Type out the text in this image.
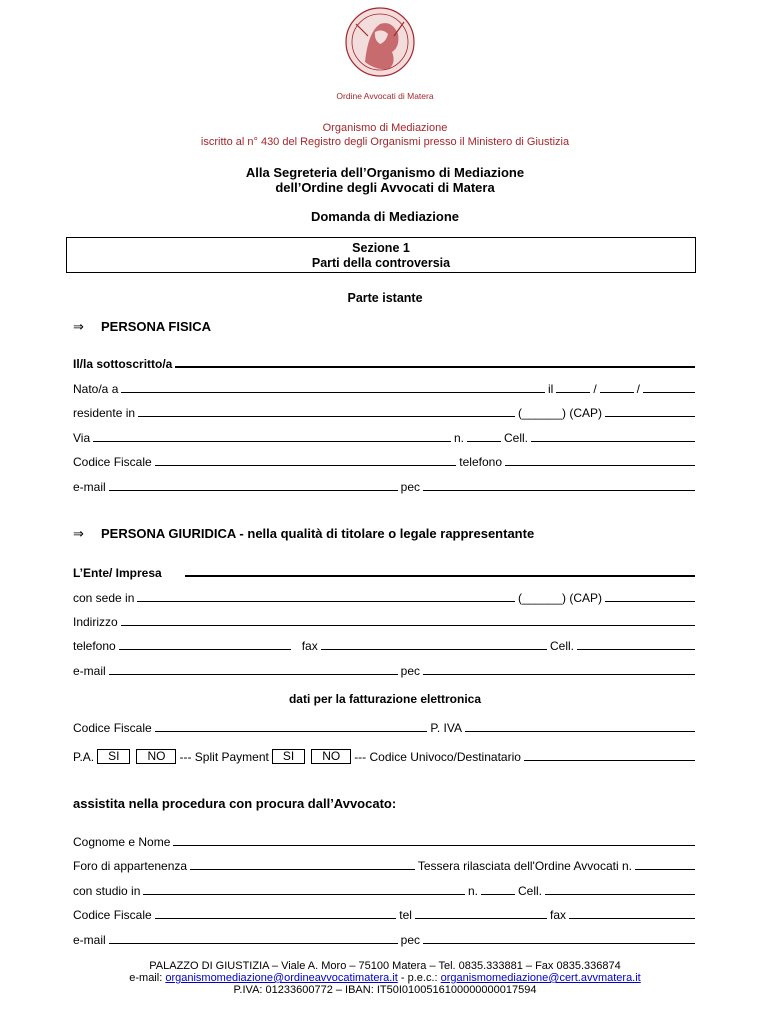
Ordine Avvocati di Matera
Organismo di Mediazione
iscritto al n° 430 del Registro degli Organismi presso il Ministero di Giustizia
Alla Segreteria dell’Organismo di Mediazione
dell’Ordine degli Avvocati di Matera
Domanda di Mediazione
Sezione 1
Parti della controversia
Parte istante
⇒ PERSONA FISICA
Il/la sottoscritto/a
Nato/a a	il	/	/
residente in	(______) (CAP)
Via	n.	Cell.
Codice Fiscale	telefono
e-mail	pec
⇒ PERSONA GIURIDICA - nella qualità di titolare o legale rappresentante
L’Ente/ Impresa
con sede in	(______) (CAP)
Indirizzo
telefono	fax	Cell.
e-mail	pec
dati per la fatturazione elettronica
Codice Fiscale	P. IVA
P.A.	SI	NO	--- Split Payment	SI	NO	--- Codice Univoco/Destinatario
assistita nella procedura con procura dall’Avvocato:
Cognome e Nome
Foro di appartenenza	Tessera rilasciata dell'Ordine Avvocati n.
con studio in	n.	Cell.
Codice Fiscale	tel	fax
e-mail	pec
PALAZZO DI GIUSTIZIA – Viale A. Moro – 75100 Matera – Tel. 0835.333881 – Fax 0835.336874
e-mail: organismomediazione@ordineavvocatimatera.it - p.e.c.: organismomediazione@cert.avvmatera.it
P.IVA: 01233600772 – IBAN: IT50I0100516100000000017594
